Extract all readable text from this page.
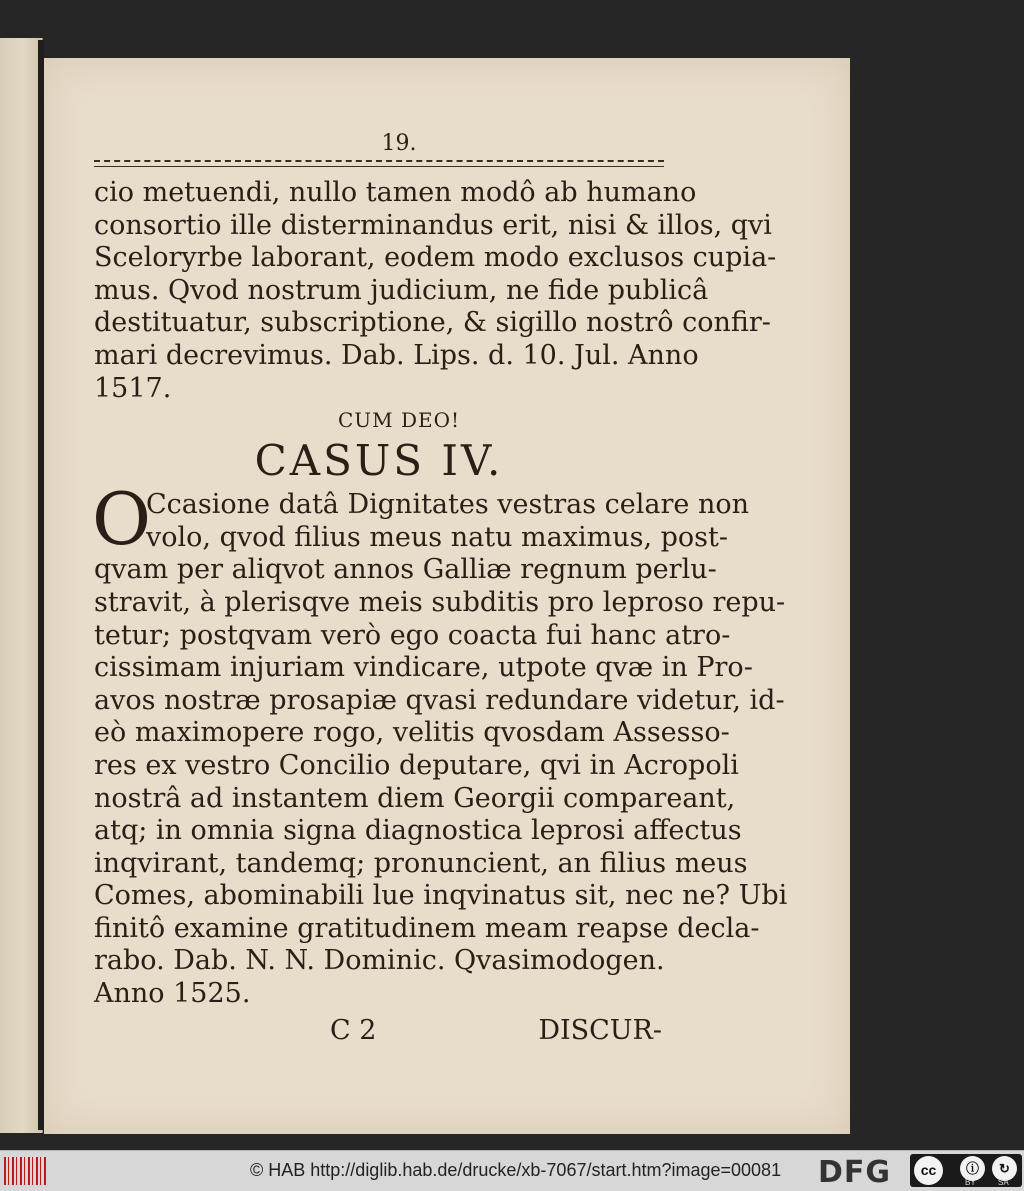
19.
cio metuendi, nullo tamen modô ab humano
consortio ille disterminandus erit, nisi & illos, qvi
Sceloryrbe laborant, eodem modo exclusos cupia-
mus. Qvod nostrum judicium, ne fide publicâ
destituatur, subscriptione, & sigillo nostrô confir-
mari decrevimus. Dab. Lips. d. 10. Jul. Anno
1517.
CUM DEO!
CASUS IV.
O
Ccasione datâ Dignitates vestras celare non
volo, qvod filius meus natu maximus, post-
qvam per aliqvot annos Galliæ regnum perlu-
stravit, à plerisqve meis subditis pro leproso repu-
tetur; postqvam verò ego coacta fui hanc atro-
cissimam injuriam vindicare, utpote qvæ in Pro-
avos nostræ prosapiæ qvasi redundare videtur, id-
eò maximopere rogo, velitis qvosdam Assesso-
res ex vestro Concilio deputare, qvi in Acropoli
nostrâ ad instantem diem Georgii compareant,
atq; in omnia signa diagnostica leprosi affectus
inqvirant, tandemq; pronuncient, an filius meus
Comes, abominabili lue inqvinatus sit, nec ne? Ubi
finitô examine gratitudinem meam reapse decla-
rabo. Dab. N. N. Dominic. Qvasimodogen.
Anno 1525.
C 2	DISCUR-
© HAB http://diglib.hab.de/drucke/xb-7067/start.htm?image=00081 DFG	cc	ⓘ	↻
BY	SA
